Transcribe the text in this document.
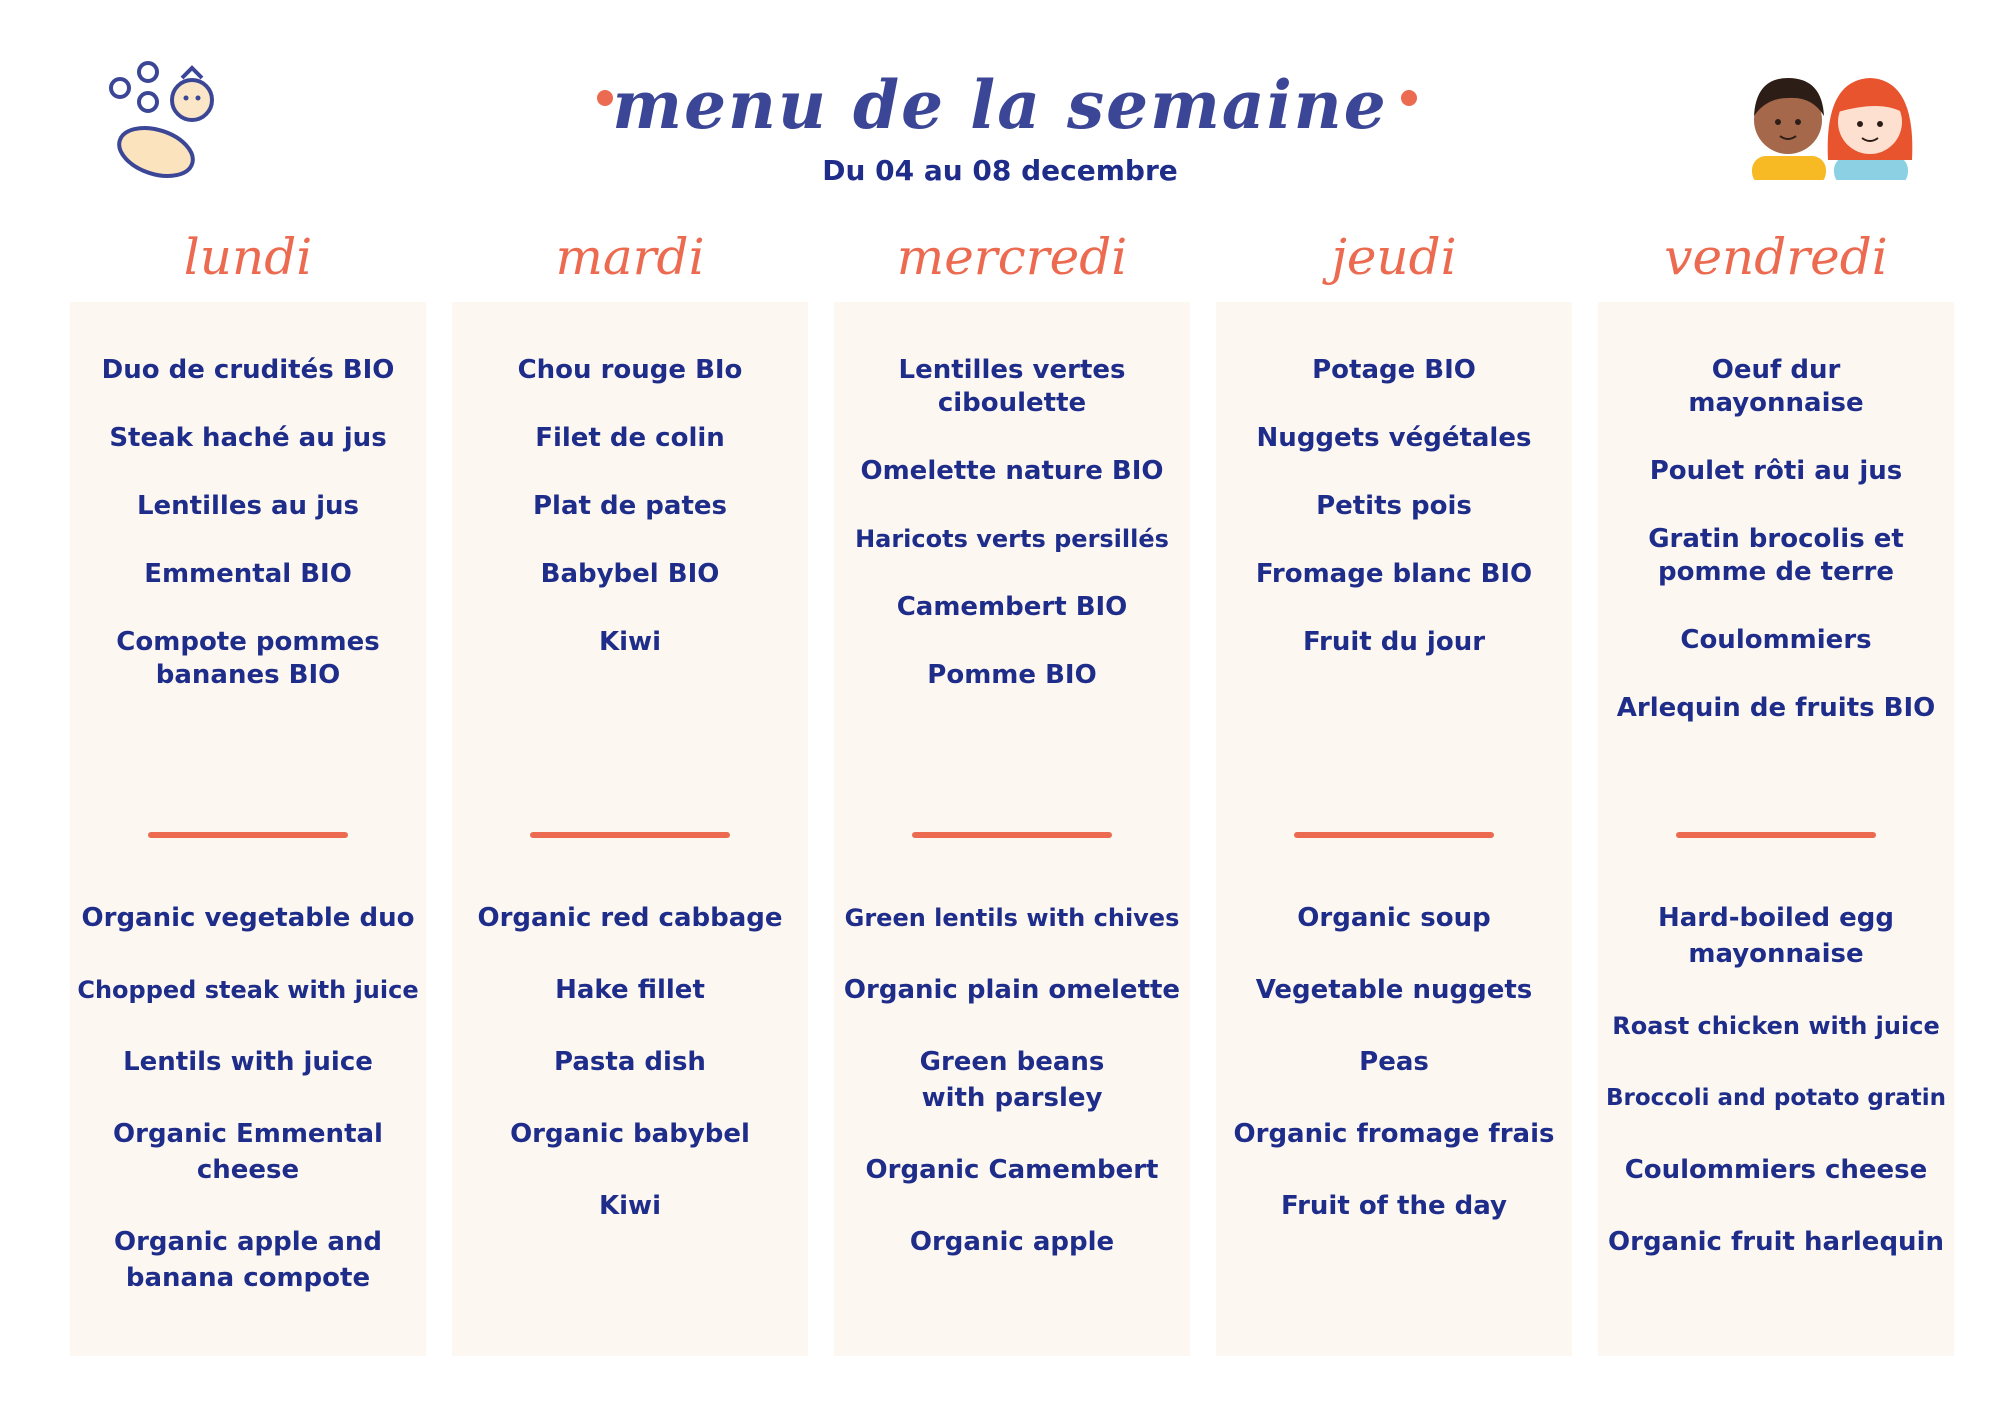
menu de la semaine
Du 04 au 08 decembre
lundi	mardi	mercredi	jeudi	vendredi
Duo de crudités BIO
Steak haché au jus
Lentilles au jus
Emmental BIO
Compote pommes bananes BIO
Organic vegetable duo
Chopped steak with juice
Lentils with juice
Organic Emmental cheese
Organic apple and banana compote
Chou rouge BIo
Filet de colin
Plat de pates
Babybel BIO
Kiwi
Organic red cabbage
Hake fillet
Pasta dish
Organic babybel
Kiwi
Lentilles vertes ciboulette
Omelette nature BIO
Haricots verts persillés
Camembert BIO
Pomme BIO
Green lentils with chives
Organic plain omelette
Green beans with parsley
Organic Camembert
Organic apple
Potage BIO
Nuggets végétales
Petits pois
Fromage blanc BIO
Fruit du jour
Organic soup
Vegetable nuggets
Peas
Organic fromage frais
Fruit of the day
Oeuf dur mayonnaise
Poulet rôti au jus
Gratin brocolis et pomme de terre
Coulommiers
Arlequin de fruits BIO
Hard-boiled egg mayonnaise
Roast chicken with juice
Broccoli and potato gratin
Coulommiers cheese
Organic fruit harlequin
